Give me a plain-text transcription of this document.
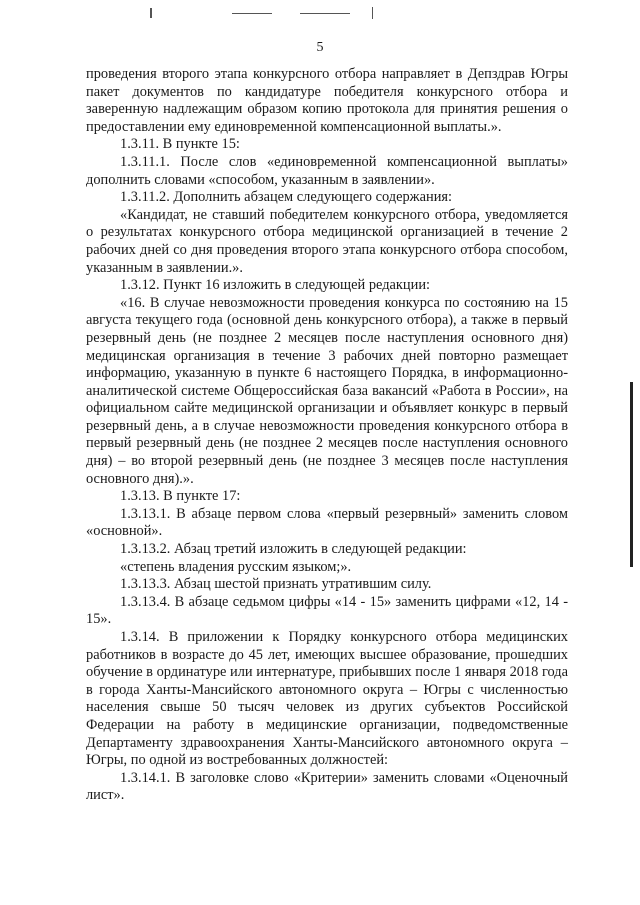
5

проведения второго этапа конкурсного отбора направляет в Депздрав Югры пакет документов по кандидатуре победителя конкурсного отбора и заверенную надлежащим образом копию протокола для принятия решения о предоставлении ему единовременной компенсационной выплаты.».

1.3.11. В пункте 15:

1.3.11.1. После слов «единовременной компенсационной выплаты» дополнить словами «способом, указанным в заявлении».

1.3.11.2. Дополнить абзацем следующего содержания:

«Кандидат, не ставший победителем конкурсного отбора, уведомляется о результатах конкурсного отбора медицинской организацией в течение 2 рабочих дней со дня проведения второго этапа конкурсного отбора способом, указанным в заявлении.».

1.3.12. Пункт 16 изложить в следующей редакции:

«16. В случае невозможности проведения конкурса по состоянию на 15 августа текущего года (основной день конкурсного отбора), а также в первый резервный день (не позднее 2 месяцев после наступления основного дня) медицинская организация в течение 3 рабочих дней повторно размещает информацию, указанную в пункте 6 настоящего Порядка, в информационно-аналитической системе Общероссийская база вакансий «Работа в России», на официальном сайте медицинской организации и объявляет конкурс в первый резервный день, а в случае невозможности проведения конкурсного отбора в первый резервный день (не позднее 2 месяцев после наступления основного дня) – во второй резервный день (не позднее 3 месяцев после наступления основного дня).».

1.3.13. В пункте 17:

1.3.13.1. В абзаце первом слова «первый резервный» заменить словом «основной».

1.3.13.2. Абзац третий изложить в следующей редакции:

«степень владения русским языком;».

1.3.13.3. Абзац шестой признать утратившим силу.

1.3.13.4. В абзаце седьмом цифры «14 - 15» заменить цифрами «12, 14 - 15».

1.3.14. В приложении к Порядку конкурсного отбора медицинских работников в возрасте до 45 лет, имеющих высшее образование, прошедших обучение в ординатуре или интернатуре, прибывших после 1 января 2018 года в города Ханты-Мансийского автономного округа – Югры с численностью населения свыше 50 тысяч человек из других субъектов Российской Федерации на работу в медицинские организации, подведомственные Департаменту здравоохранения Ханты-Мансийского автономного округа – Югры, по одной из востребованных должностей:

1.3.14.1. В заголовке слово «Критерии» заменить словами «Оценочный лист».
